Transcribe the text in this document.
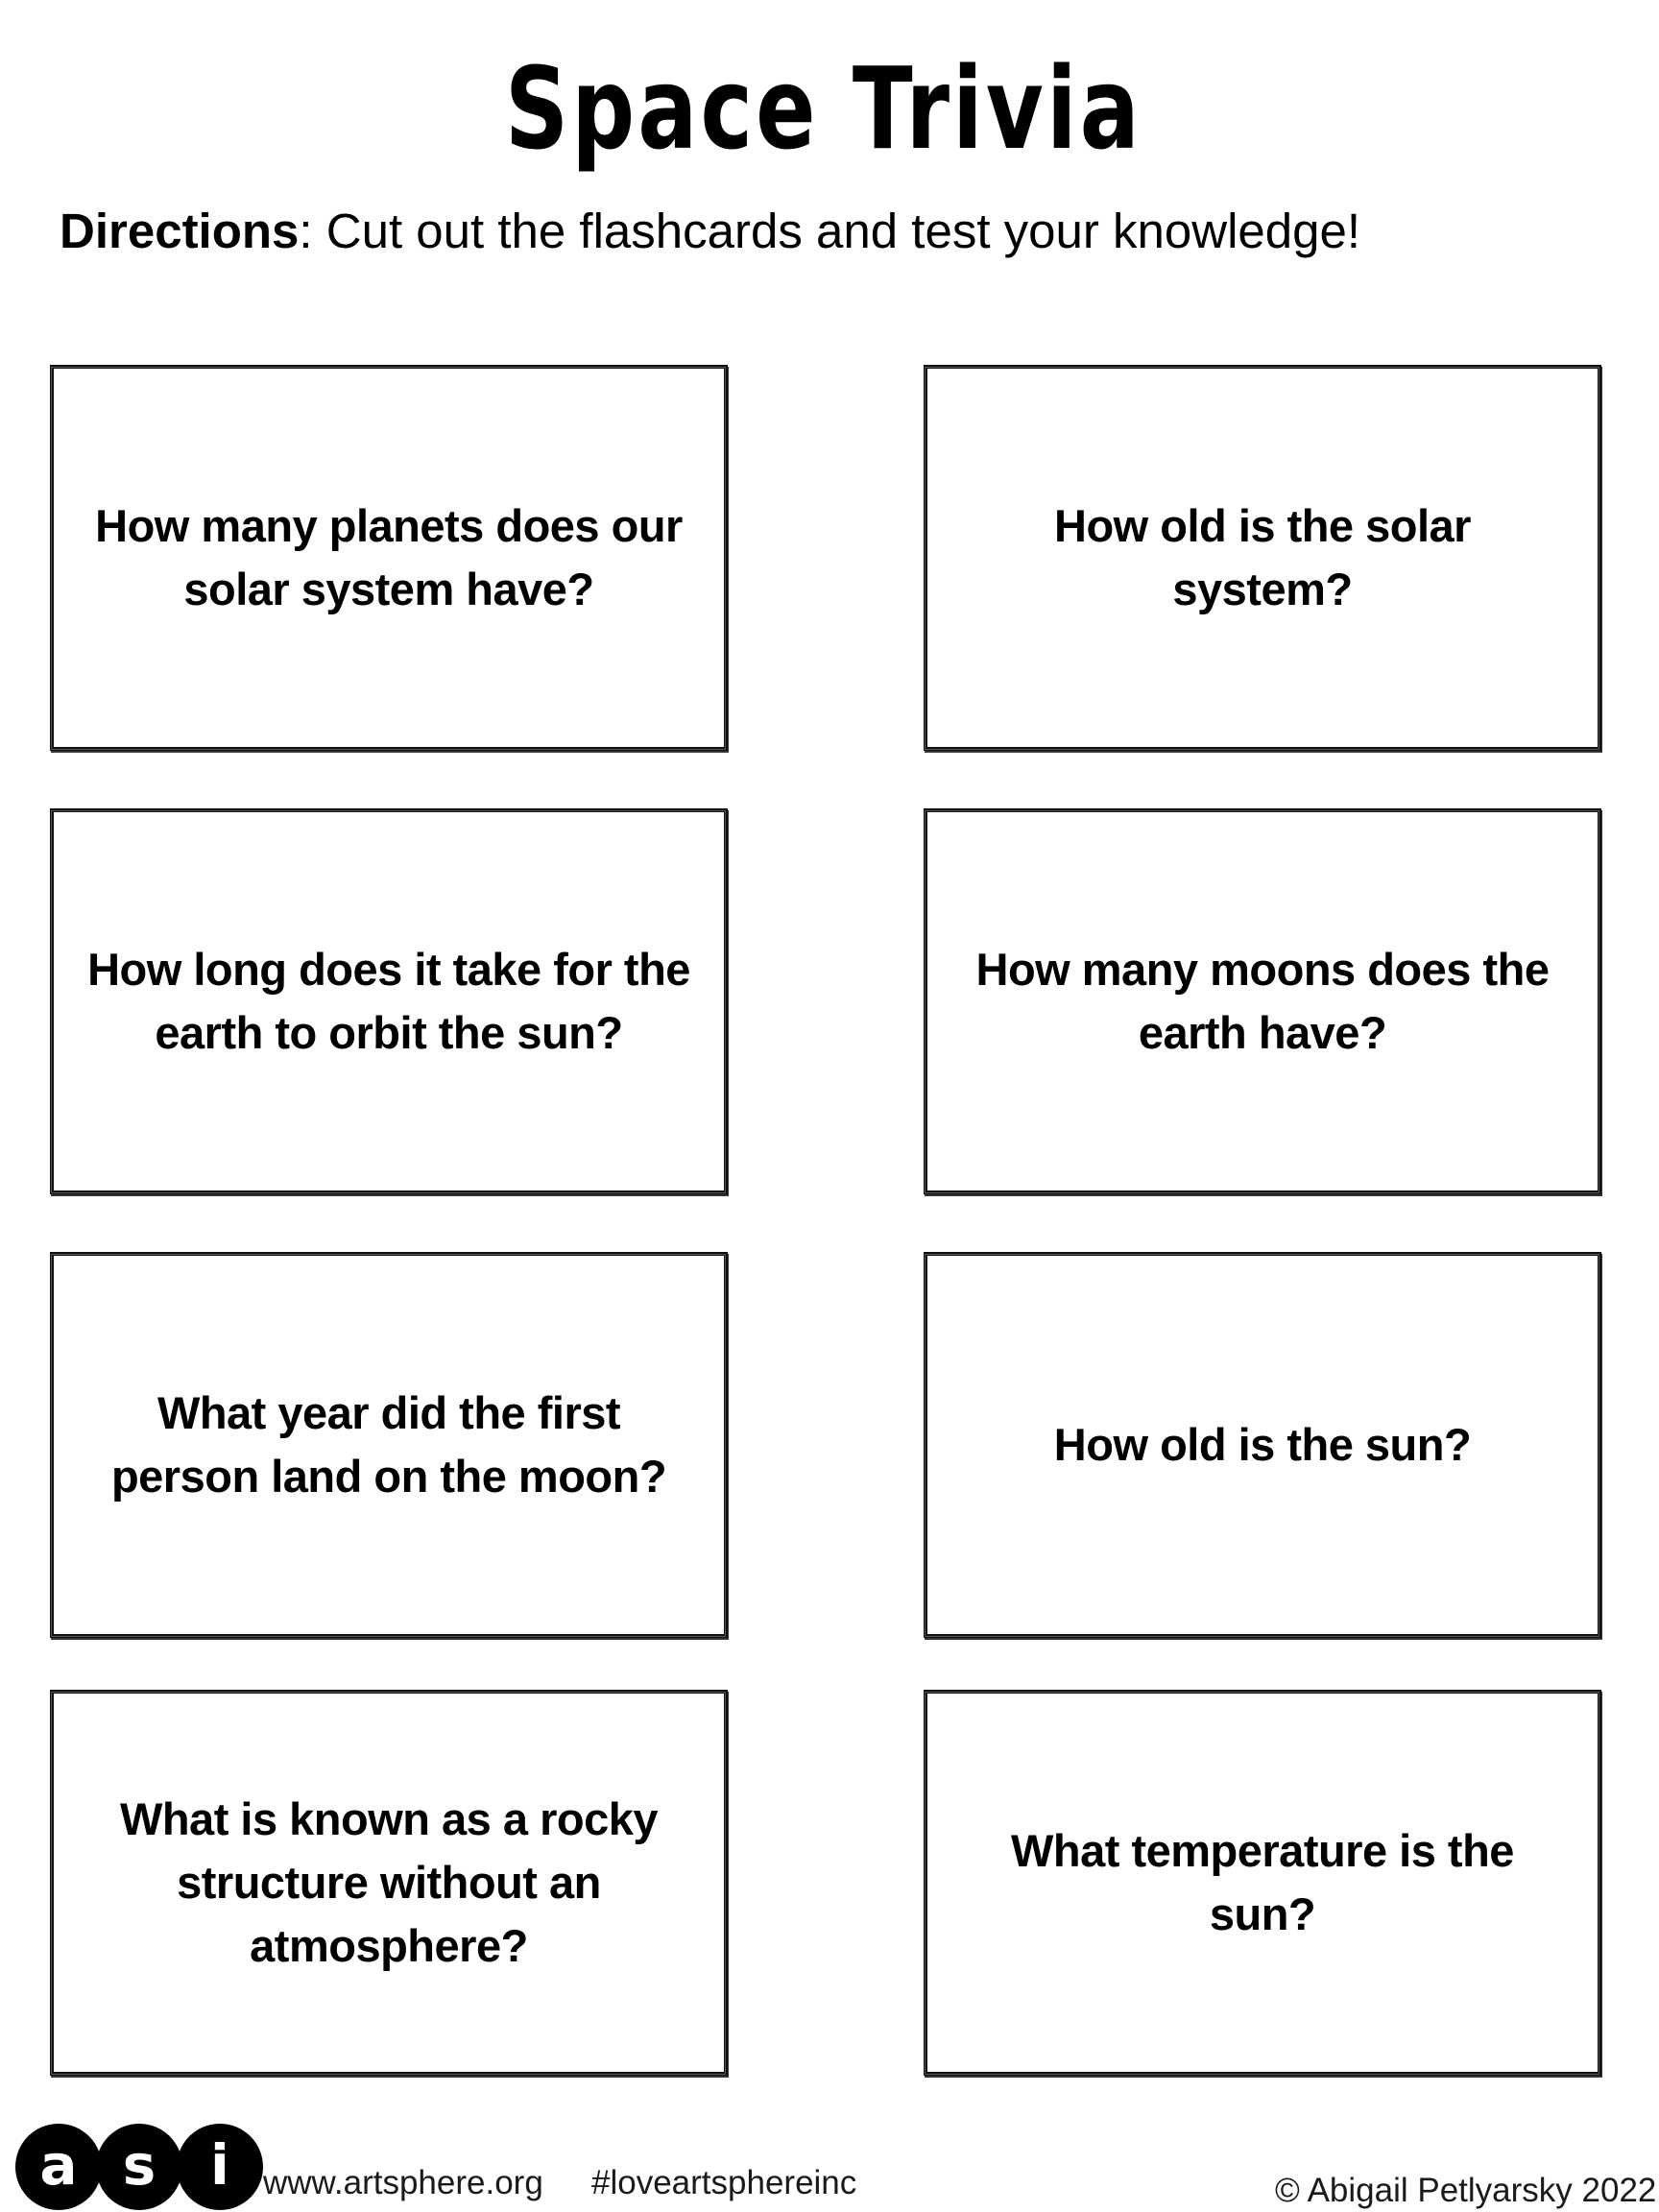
Space Trivia
Directions: Cut out the flashcards and test your knowledge!
How many planets does our solar system have?
How old is the solar system?
How long does it take for the earth to orbit the sun?
How many moons does the earth have?
What year did the first person land on the moon?
How old is the sun?
What is known as a rocky structure without an atmosphere?
What temperature is the sun?
a s i	www.artsphere.org #loveartsphereinc	© Abigail Petlyarsky 2022
